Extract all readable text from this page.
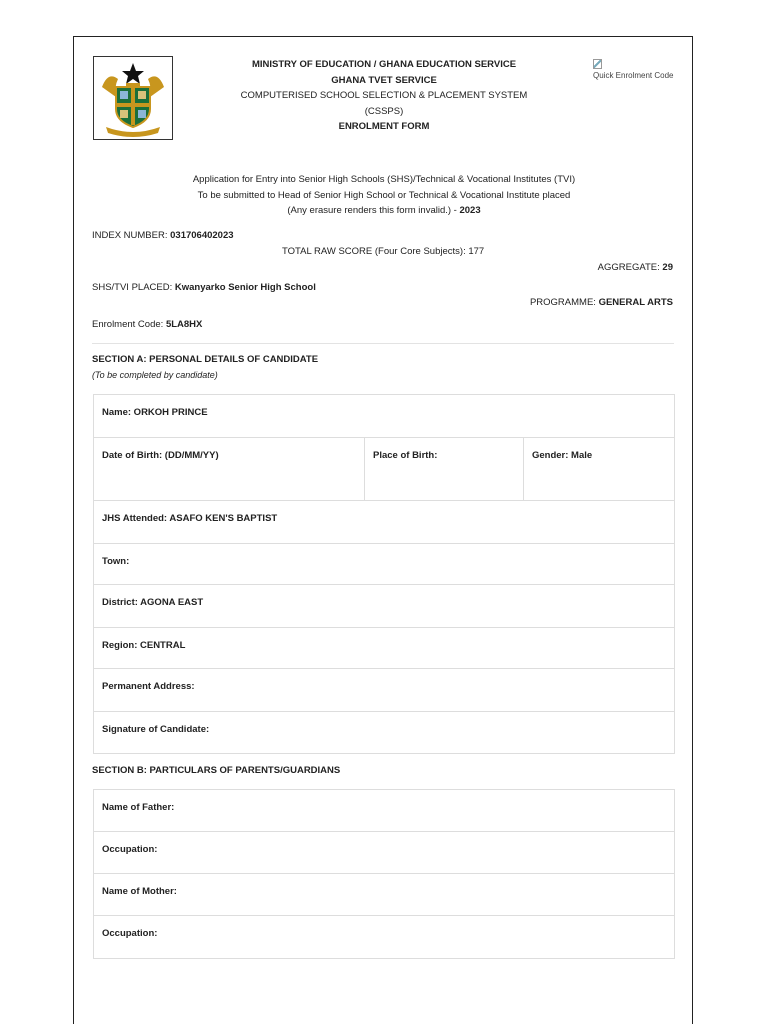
MINISTRY OF EDUCATION / GHANA EDUCATION SERVICE
GHANA TVET SERVICE
COMPUTERISED SCHOOL SELECTION & PLACEMENT SYSTEM
(CSSPS)
ENROLMENT FORM
Quick Enrolment Code
Application for Entry into Senior High Schools (SHS)/Technical & Vocational Institutes (TVI)
To be submitted to Head of Senior High School or Technical & Vocational Institute placed
(Any erasure renders this form invalid.) - 2023
INDEX NUMBER: 031706402023
TOTAL RAW SCORE (Four Core Subjects): 177
AGGREGATE: 29
SHS/TVI PLACED: Kwanyarko Senior High School
PROGRAMME: GENERAL ARTS
Enrolment Code: 5LA8HX
SECTION A: PERSONAL DETAILS OF CANDIDATE
(To be completed by candidate)
Name: ORKOH PRINCE
Date of Birth: (DD/MM/YY)	Place of Birth:	Gender: Male
JHS Attended: ASAFO KEN'S BAPTIST
Town:
District: AGONA EAST
Region: CENTRAL
Permanent Address:
Signature of Candidate:
SECTION B: PARTICULARS OF PARENTS/GUARDIANS
Name of Father:
Occupation:
Name of Mother:
Occupation:
